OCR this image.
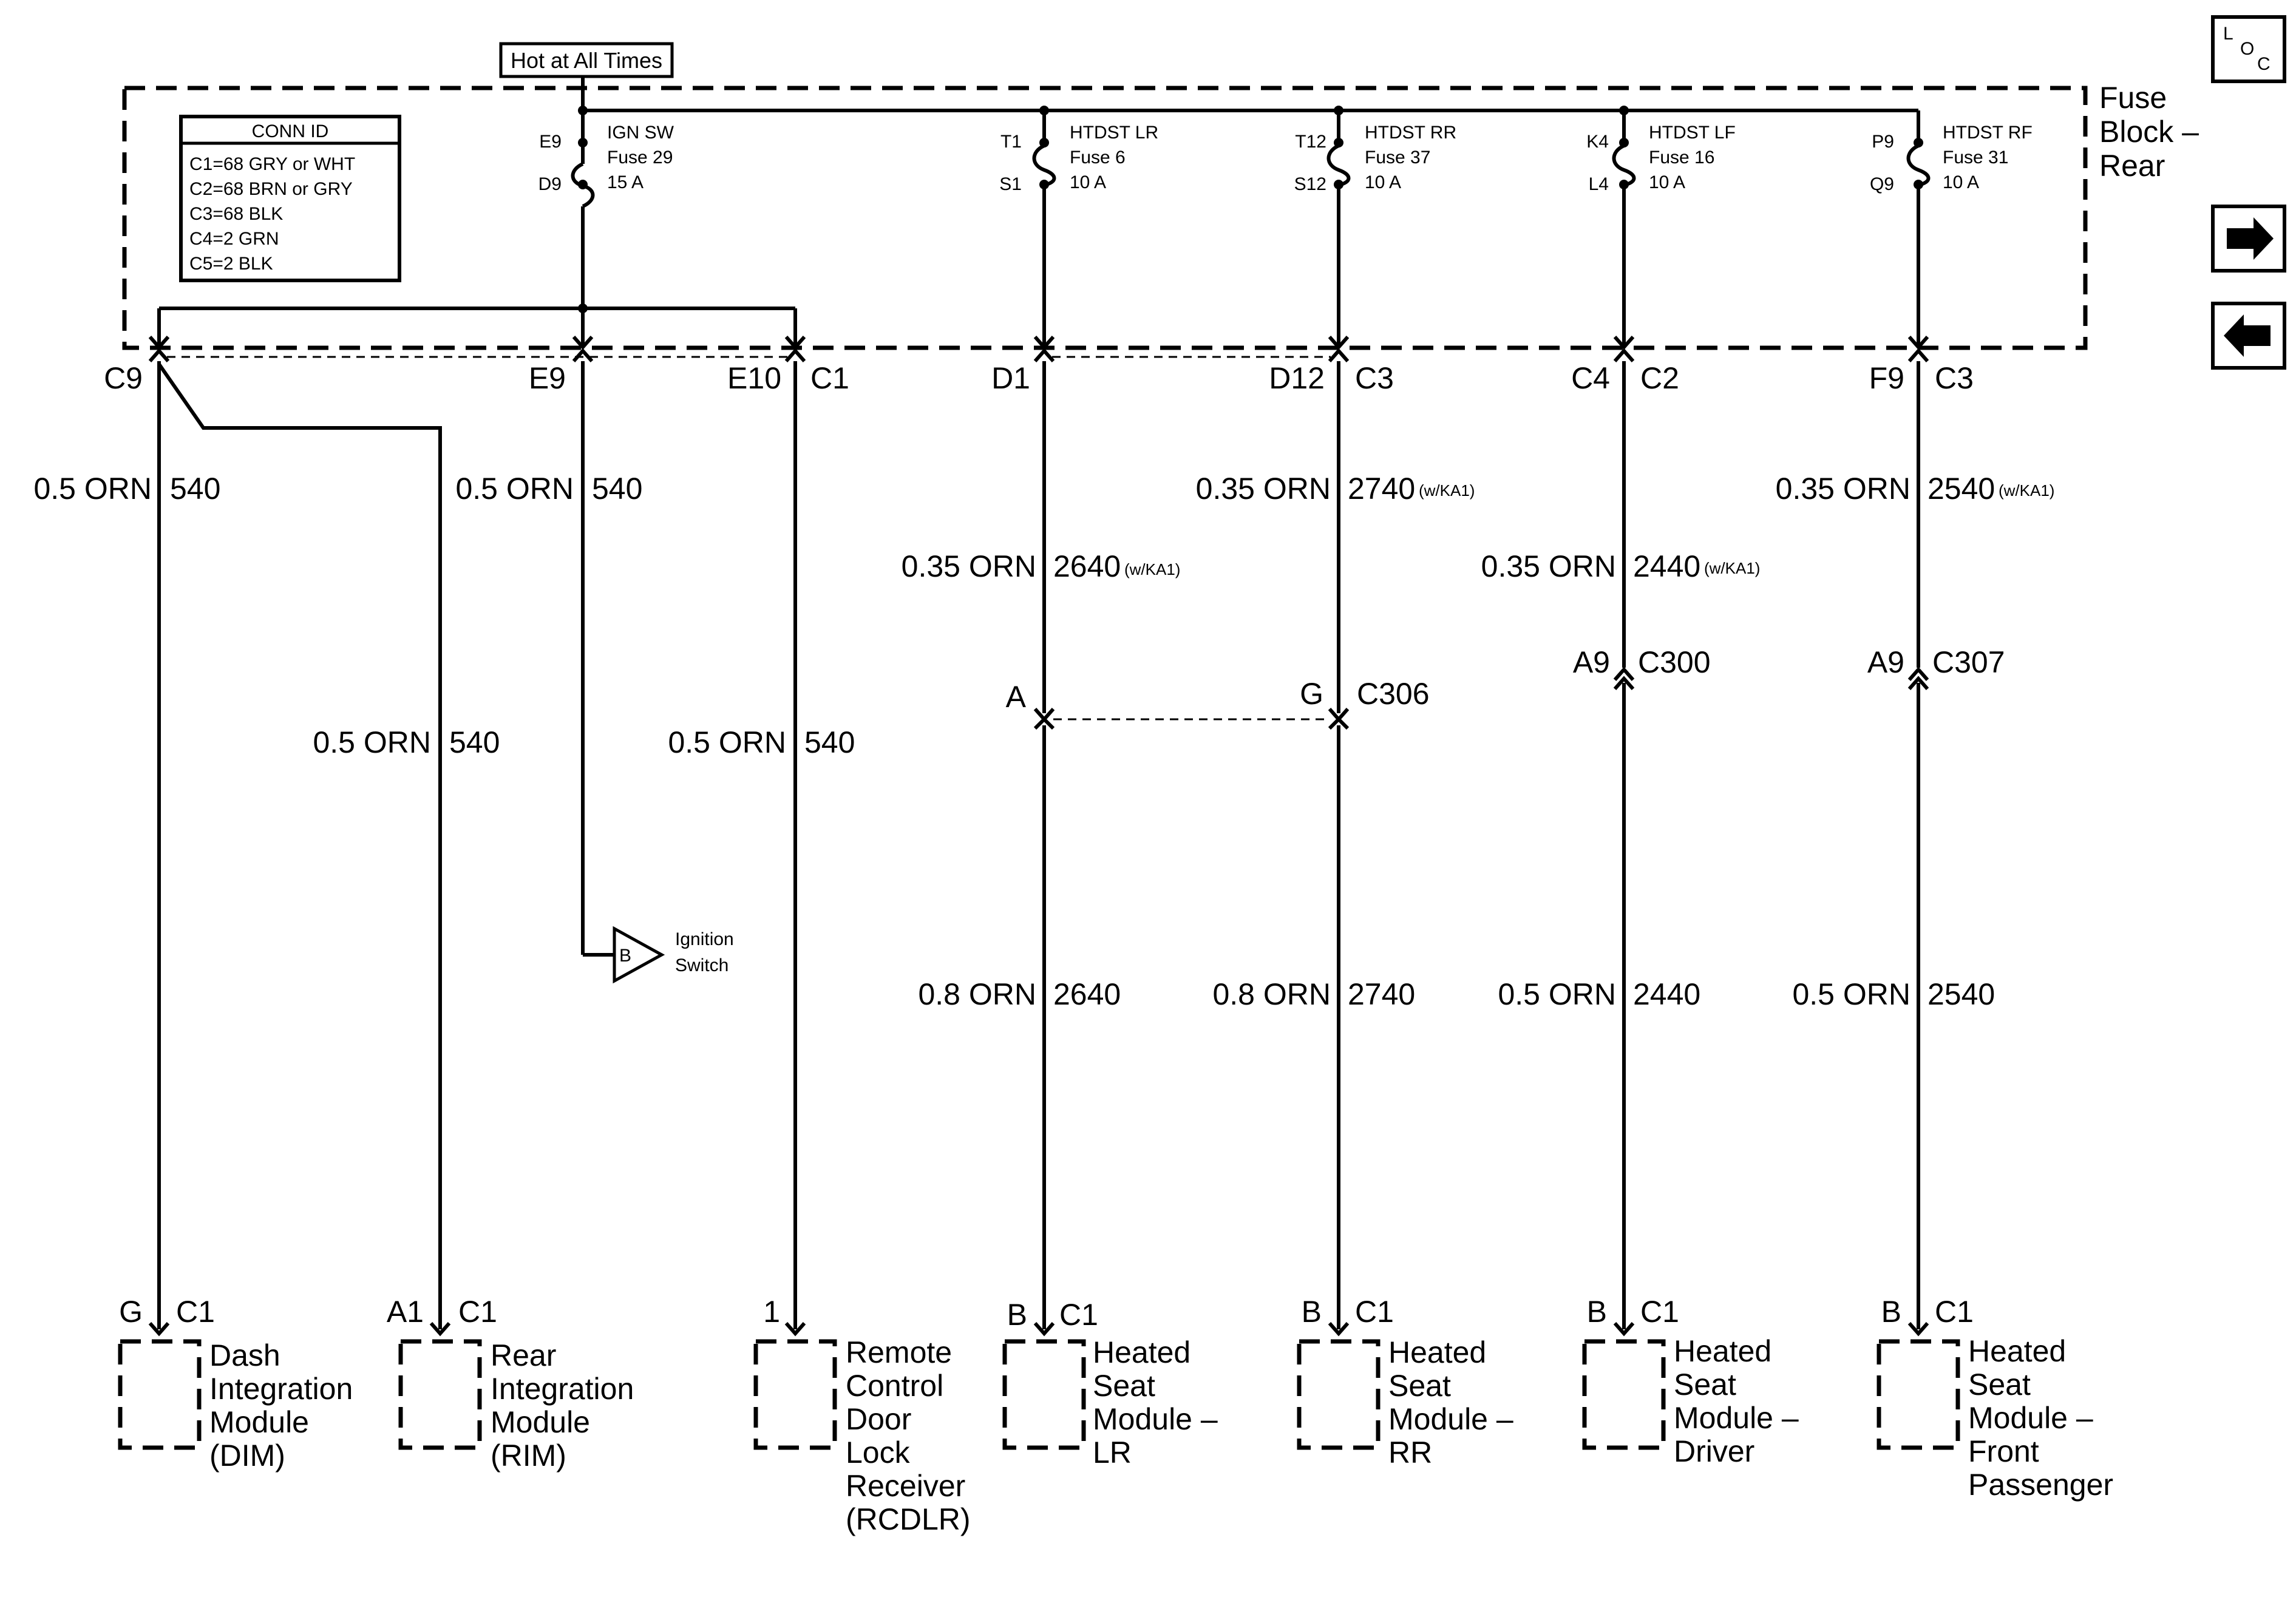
Hot at All Times
Fuse
Block –
Rear
CONN ID
C1=68 GRY or WHT
C2=68 BRN or GRY
C3=68 BLK
C4=2 GRN
C5=2 BLK
E9
D9
IGN SW
Fuse 29
15 A
T1
S1
HTDST LR
Fuse 6
10 A
T12
S12
HTDST RR
Fuse 37
10 A
K4
L4
HTDST LF
Fuse 16
10 A
P9
Q9
HTDST RF
Fuse 31
10 A
C9	E9	E10 C1	D1	D12 C3	C4 C2	F9 C3
B
Ignition
Switch
A	G C306
A9 C300	A9 C307
0.5 ORN 540	0.5 ORN 540
0.5 ORN 540	0.5 ORN 540
0.35 ORN 2640 (w/KA1)
0.35 ORN 2740 (w/KA1)
0.35 ORN 2440 (w/KA1)
0.35 ORN 2540 (w/KA1)
0.8 ORN 2640	0.8 ORN 2740	0.5 ORN 2440	0.5 ORN 2540
G C1
Dash
Integration
Module
(DIM)
A1 C1
Rear
Integration
Module
(RIM)
1
Remote
Control
Door
Lock
Receiver
(RCDLR)
B C1
Heated
Seat
Module –
LR
B C1
Heated
Seat
Module –
RR
B C1
Heated
Seat
Module –
Driver
B C1
Heated
Seat
Module –
Front
Passenger
L
O
C
